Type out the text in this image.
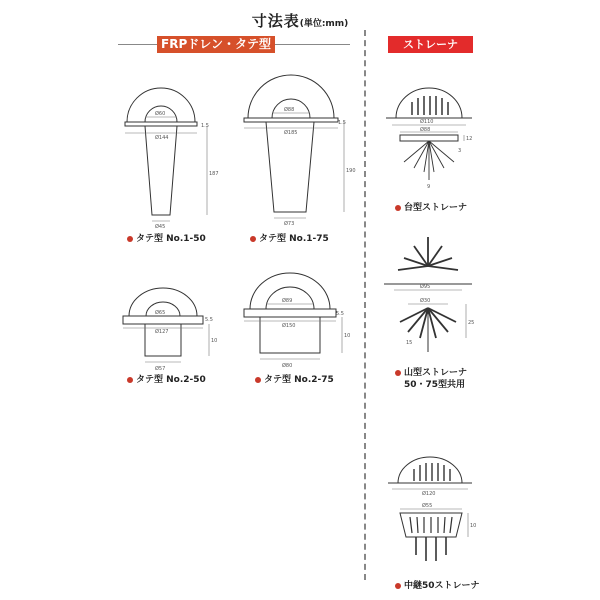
寸法表(単位:mm)
FRPドレン・タテ型	ストレーナ
Ø60
Ø144
1.5
187
Ø45
タテ型 No.1-50
Ø88
Ø185
1.5
190
Ø73
タテ型 No.1-75
Ø65
Ø127
5.5
10
Ø57
タテ型 No.2-50
Ø89
Ø150
5.5
10
Ø80
タテ型 No.2-75
Ø110
Ø88
12
3
9
台型ストレーナ
Ø95
Ø30
25
15
山型ストレーナ
50・75型共用
Ø120
Ø55
10
中継50ストレーナ
